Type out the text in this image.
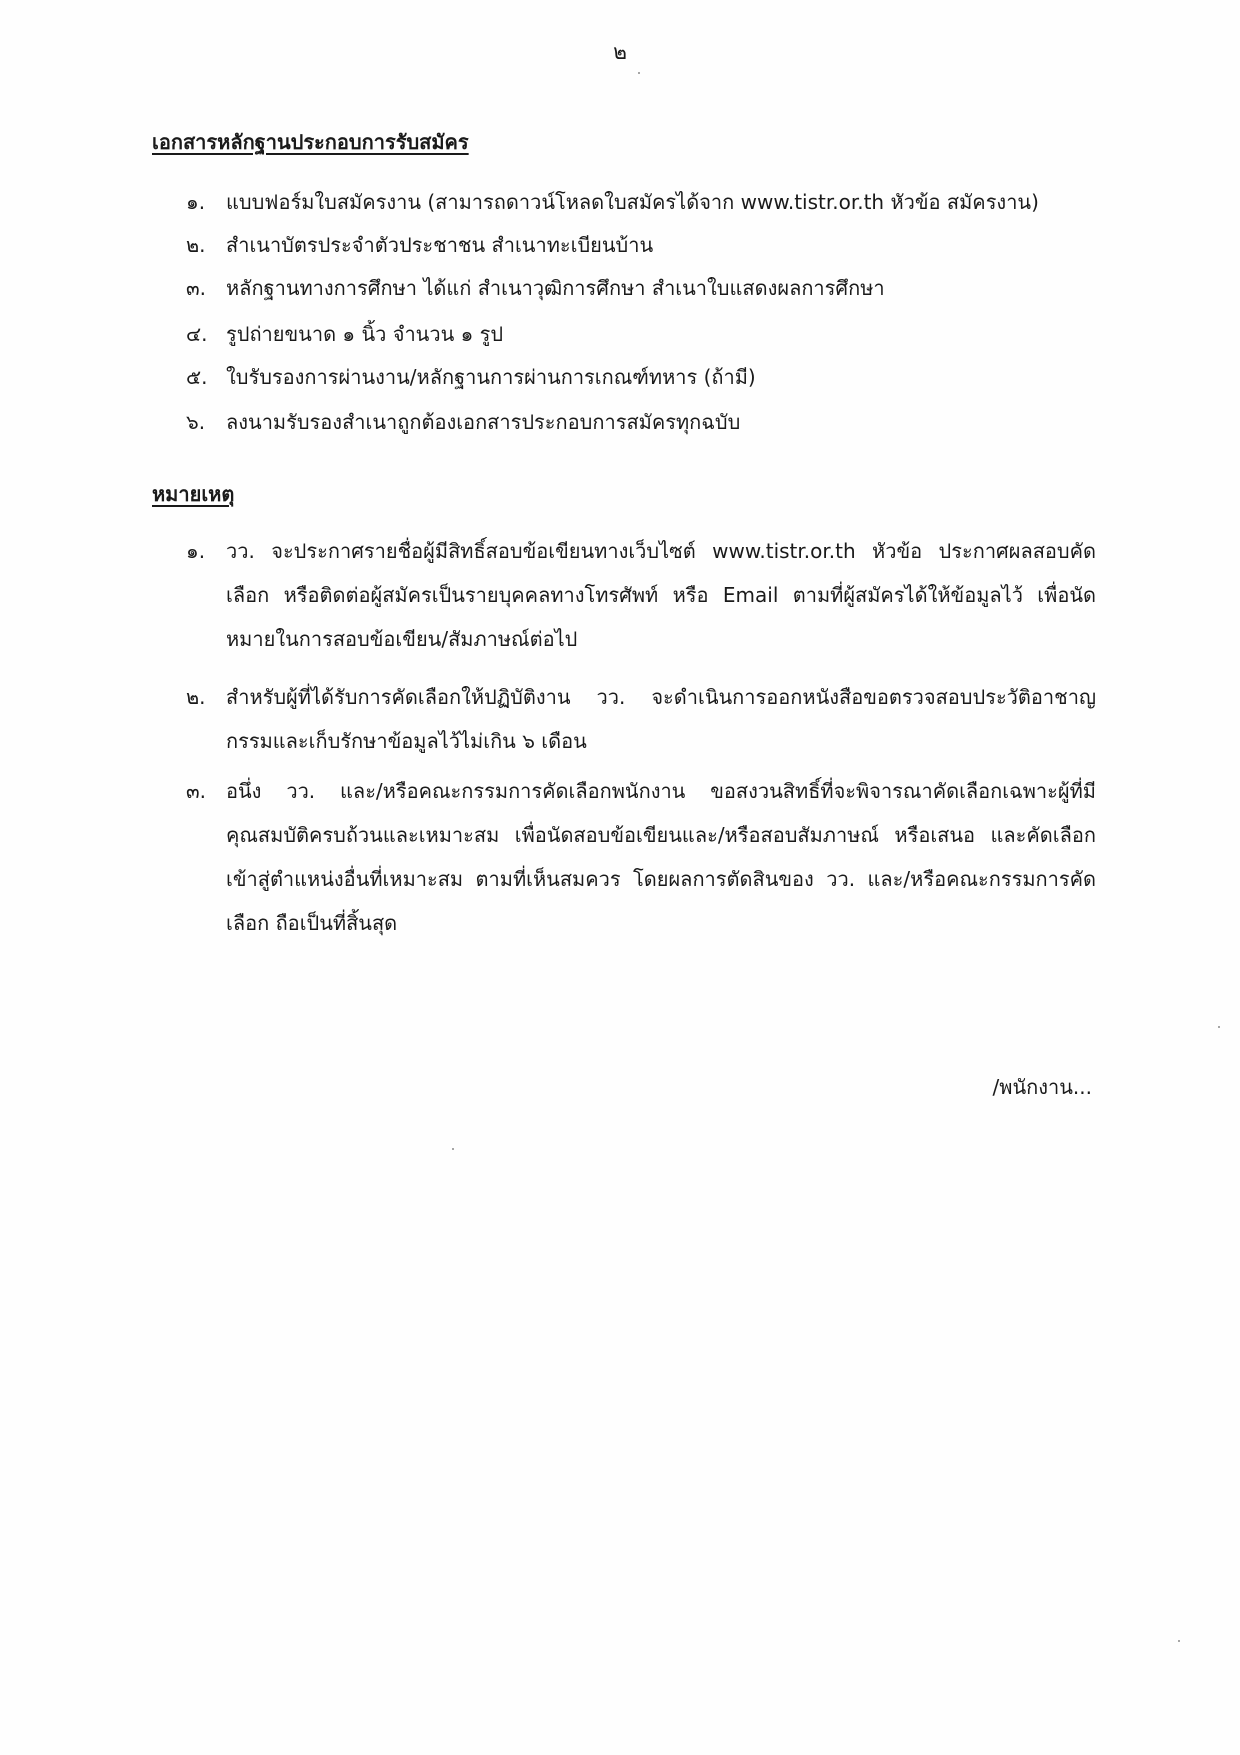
๒
เอกสารหลักฐานประกอบการรับสมัคร
๑. แบบฟอร์มใบสมัครงาน (สามารถดาวน์โหลดใบสมัครได้จาก www.tistr.or.th หัวข้อ สมัครงาน)
๒. สำเนาบัตรประจำตัวประชาชน สำเนาทะเบียนบ้าน
๓. หลักฐานทางการศึกษา ได้แก่ สำเนาวุฒิการศึกษา สำเนาใบแสดงผลการศึกษา
๔. รูปถ่ายขนาด ๑ นิ้ว จำนวน ๑ รูป
๕. ใบรับรองการผ่านงาน/หลักฐานการผ่านการเกณฑ์ทหาร (ถ้ามี)
๖. ลงนามรับรองสำเนาถูกต้องเอกสารประกอบการสมัครทุกฉบับ
หมายเหตุ
๑. วว. จะประกาศรายชื่อผู้มีสิทธิ์สอบข้อเขียนทางเว็บไซต์ www.tistr.or.th หัวข้อ ประกาศผลสอบคัดเลือก หรือติดต่อผู้สมัครเป็นรายบุคคลทางโทรศัพท์ หรือ Email ตามที่ผู้สมัครได้ให้ข้อมูลไว้ เพื่อนัดหมายในการสอบข้อเขียน/สัมภาษณ์ต่อไป
๒. สำหรับผู้ที่ได้รับการคัดเลือกให้ปฏิบัติงาน วว. จะดำเนินการออกหนังสือขอตรวจสอบประวัติอาชาญกรรมและเก็บรักษาข้อมูลไว้ไม่เกิน ๖ เดือน
๓. อนึ่ง วว. และ/หรือคณะกรรมการคัดเลือกพนักงาน ขอสงวนสิทธิ์ที่จะพิจารณาคัดเลือกเฉพาะผู้ที่มีคุณสมบัติครบถ้วนและเหมาะสม เพื่อนัดสอบข้อเขียนและ/หรือสอบสัมภาษณ์ หรือเสนอ และคัดเลือกเข้าสู่ตำแหน่งอื่นที่เหมาะสม ตามที่เห็นสมควร โดยผลการตัดสินของ วว. และ/หรือคณะกรรมการคัดเลือก ถือเป็นที่สิ้นสุด
/พนักงาน...
